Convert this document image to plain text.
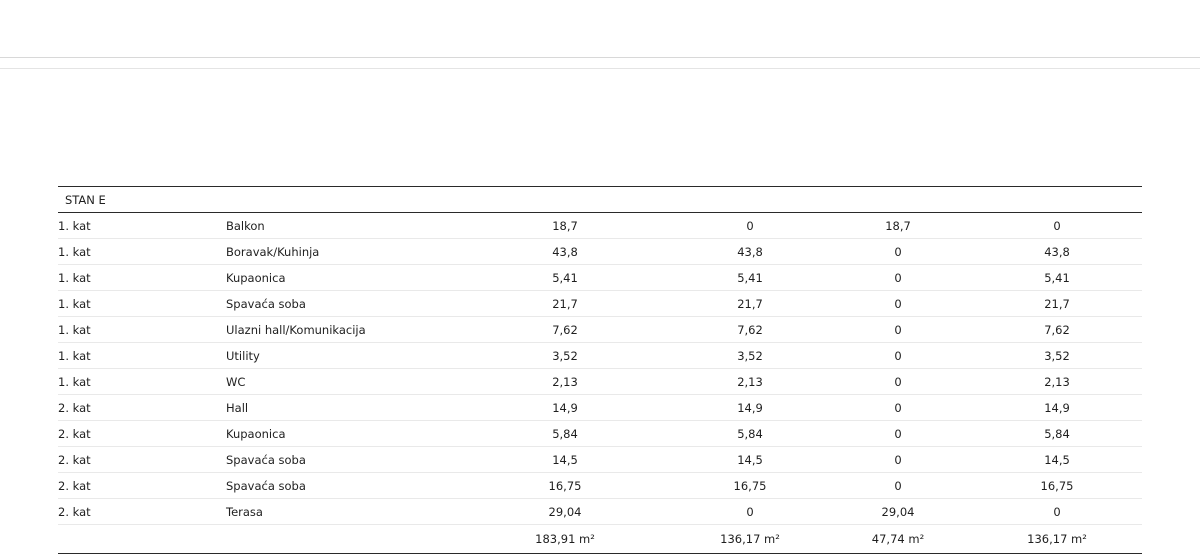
STAN E					
1. kat	Balkon	18,7	0	18,7	0
1. kat	Boravak/Kuhinja	43,8	43,8	0	43,8
1. kat	Kupaonica	5,41	5,41	0	5,41
1. kat	Spavaća soba	21,7	21,7	0	21,7
1. kat	Ulazni hall/Komunikacija	7,62	7,62	0	7,62
1. kat	Utility	3,52	3,52	0	3,52
1. kat	WC	2,13	2,13	0	2,13
2. kat	Hall	14,9	14,9	0	14,9
2. kat	Kupaonica	5,84	5,84	0	5,84
2. kat	Spavaća soba	14,5	14,5	0	14,5
2. kat	Spavaća soba	16,75	16,75	0	16,75
2. kat	Terasa	29,04	0	29,04	0
		183,91 m²	136,17 m²	47,74 m²	136,17 m²
